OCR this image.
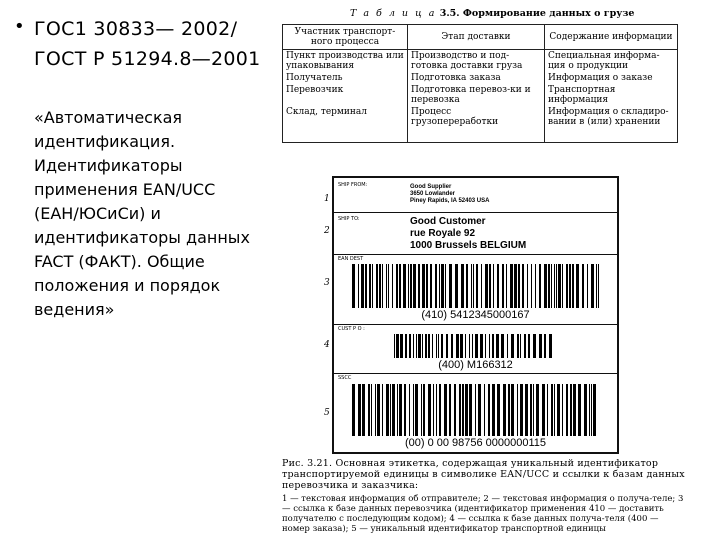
• ГОС1 30833— 2002/ГОСТ Р 51294.8—2001
«Автоматическая идентификация. Идентификаторы применения EAN/UCC (ЕАН/ЮСиСи) и идентификаторы данных FACT (ФАКТ). Общие положения и порядок ведения»
Т а б л и ц а 3.5. Формирование данных о грузе
Участник транспорт-ного процесса	Этап доставки	Содержание информации
Пункт производства или упаковывания	Производство и под-готовка доставки груза	Специальная информа-ция о продукции
Получатель	Подготовка заказа	Информация о заказе
Перевозчик	Подготовка перевоз-ки и перевозка	Транспортная информация
Склад, терминал	Процесс грузопереработки	Информация о складиро-вании в (или) хранении
1
2
3
4
5
SHIP FROM:	Good Supplier
3650 Lowlander
Piney Rapids, IA 52403 USA
SHIP TO:	Good Customer
rue Royale 92
1000 Brussels BELGIUM
EAN DEST
(410) 5412345000167
CUST P O :
(400) M166312
SSCC
(00) 0 00 98756 0000000115
Рис. 3.21. Основная этикетка, содержащая уникальный идентификатор транспортируемой единицы в символике EAN/UCC и ссылки к базам данных перевозчика и заказчика:
1 — текстовая информация об отправителе; 2 — текстовая информация о получа-теле; 3 — ссылка к базе данных перевозчика (идентификатор применения 410 — доставить получателю с последующим кодом); 4 — ссылка к базе данных получа-теля (400 — номер заказа); 5 — уникальный идентификатор транспортной единицы
